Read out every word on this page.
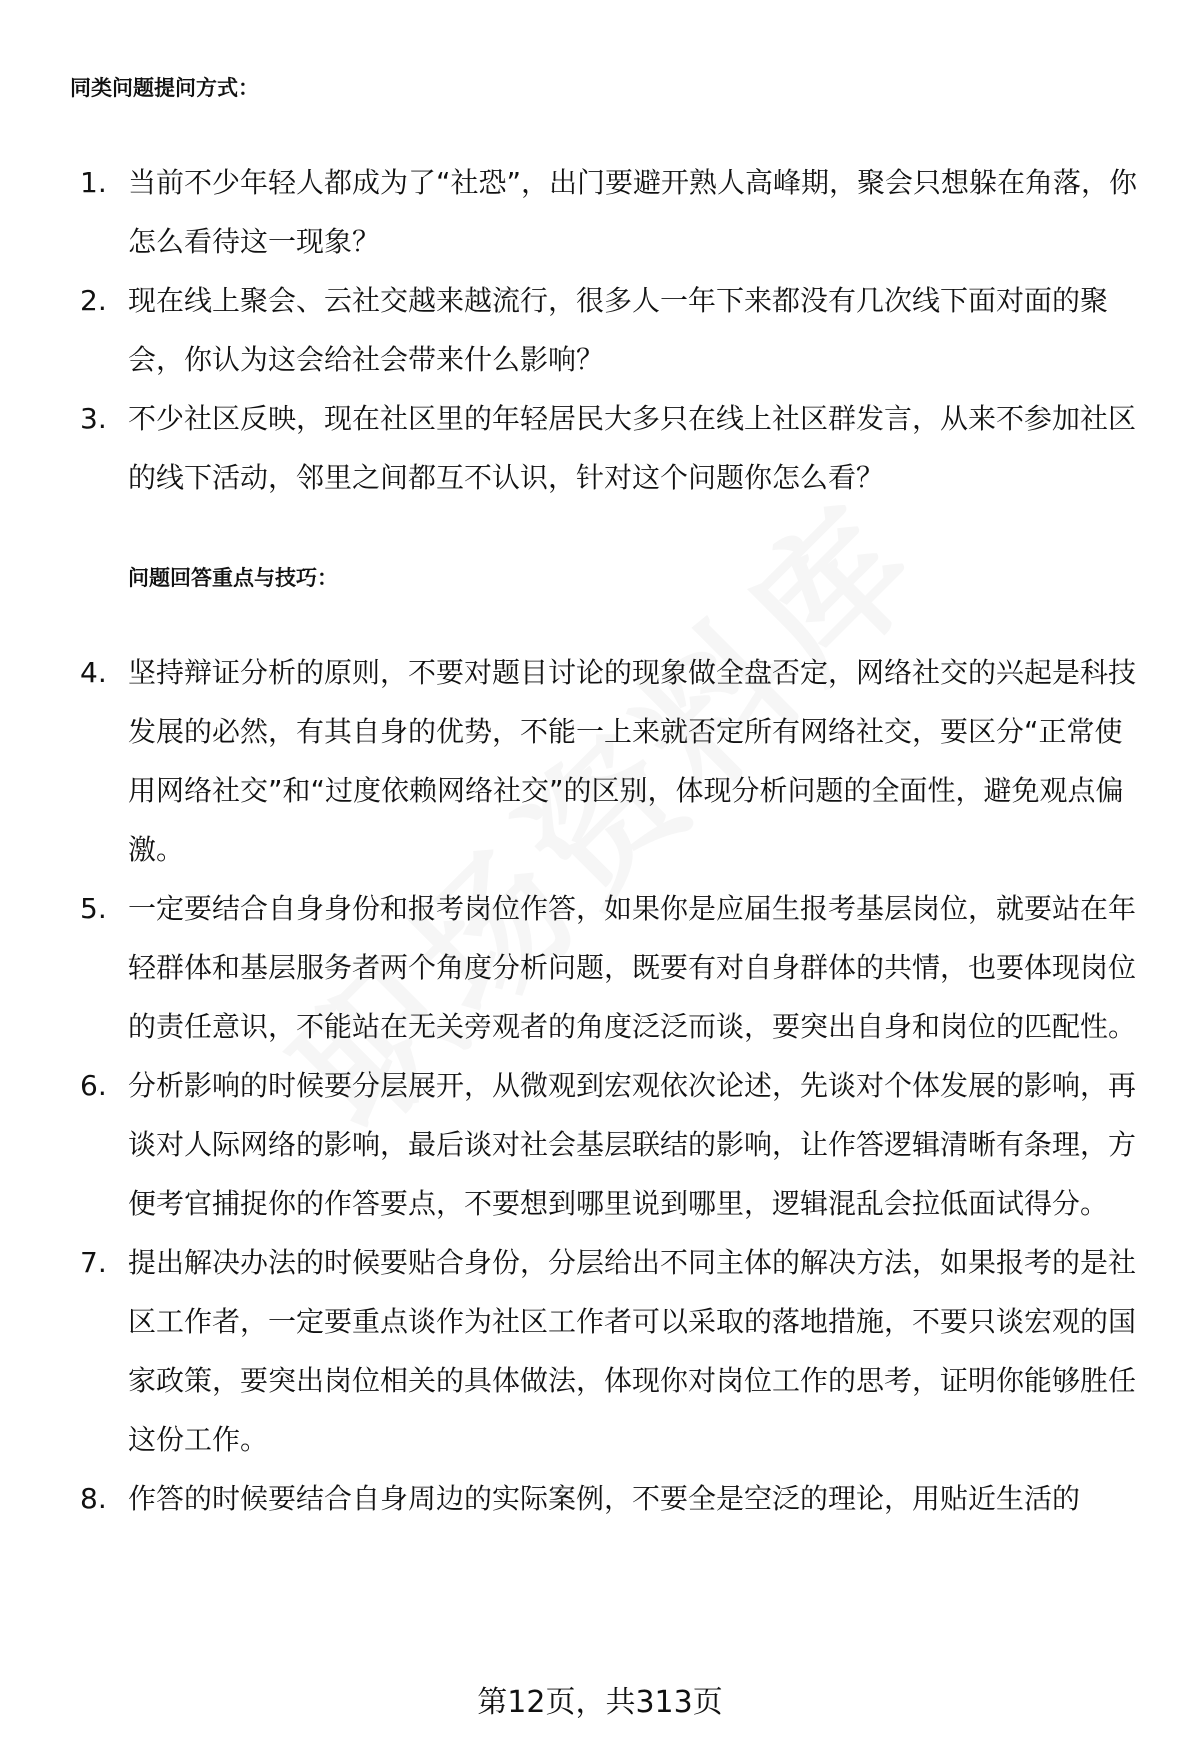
同类问题提问方式：
1. 当前不少年轻人都成为了“社恐”，出门要避开熟人高峰期，聚会只想躲在角落，你怎么看待这一现象？
2. 现在线上聚会、云社交越来越流行，很多人一年下来都没有几次线下面对面的聚会，你认为这会给社会带来什么影响？
3. 不少社区反映，现在社区里的年轻居民大多只在线上社区群发言，从来不参加社区的线下活动，邻里之间都互不认识，针对这个问题你怎么看？
问题回答重点与技巧：
4. 坚持辩证分析的原则，不要对题目讨论的现象做全盘否定，网络社交的兴起是科技发展的必然，有其自身的优势，不能一上来就否定所有网络社交，要区分“正常使用网络社交”和“过度依赖网络社交”的区别，体现分析问题的全面性，避免观点偏激。
5. 一定要结合自身身份和报考岗位作答，如果你是应届生报考基层岗位，就要站在年轻群体和基层服务者两个角度分析问题，既要有对自身群体的共情，也要体现岗位的责任意识，不能站在无关旁观者的角度泛泛而谈，要突出自身和岗位的匹配性。
6. 分析影响的时候要分层展开，从微观到宏观依次论述，先谈对个体发展的影响，再谈对人际网络的影响，最后谈对社会基层联结的影响，让作答逻辑清晰有条理，方便考官捕捉你的作答要点，不要想到哪里说到哪里，逻辑混乱会拉低面试得分。
7. 提出解决办法的时候要贴合身份，分层给出不同主体的解决方法，如果报考的是社区工作者，一定要重点谈作为社区工作者可以采取的落地措施，不要只谈宏观的国家政策，要突出岗位相关的具体做法，体现你对岗位工作的思考，证明你能够胜任这份工作。
8. 作答的时候要结合自身周边的实际案例，不要全是空泛的理论，用贴近生活的
第12页，共313页
